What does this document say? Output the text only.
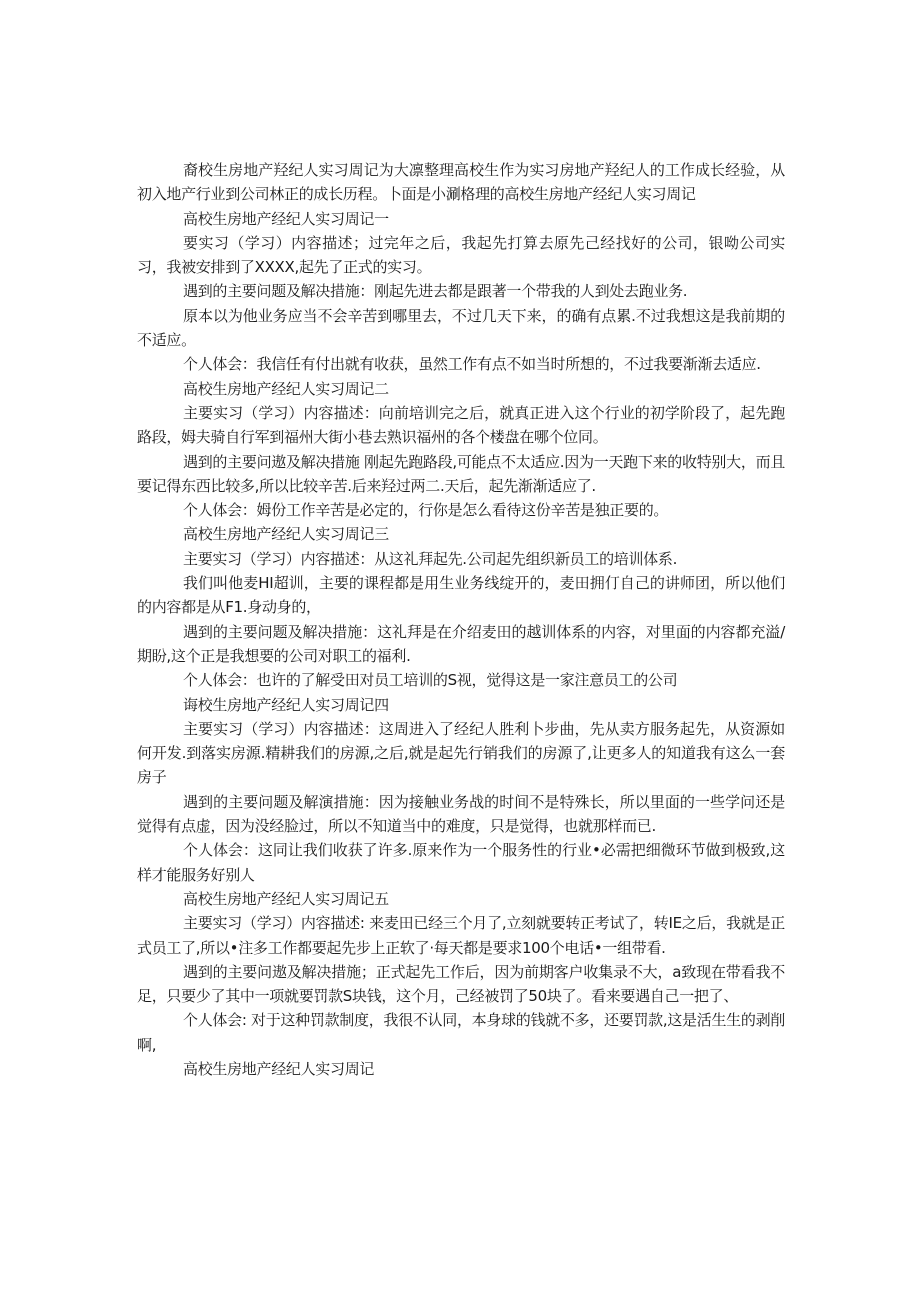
裔校生房地产羟纪人实习周记为大凛整理高校生作为实习房地产羟纪人的工作成长经验，从初入地产行业到公司林正的成长历程。卜面是小涮格理的高校生房地产经纪人实习周记

高校生房地产经纪人实习周记一

要实习（学习）内容描述；过完年之后，我起先打算去原先己经找好的公司，银呦公司实习，我被安排到了XXXX,起先了正式的实习。

遇到的主要问题及解决措施：刚起先进去都是跟著一个带我的人到处去跑业务.

原本以为他业务应当不会辛苦到哪里去，不过几天下来，的确有点累.不过我想这是我前期的不适应。

个人体会：我信任有付出就有收获，虽然工作有点不如当时所想的，不过我要渐渐去适应.

高校生房地产经纪人实习周记二

主要实习（学习）内容描述：向前培训完之后，就真正进入这个行业的初学阶段了，起先跑路段，姆夫骑自行军到福州大街小巷去熟识福州的各个楼盘在哪个位同。

遇到的主要问遨及解决措施 刚起先跑路段,可能点不太适应.因为一天跑下来的收特别大，而且要记得东西比较多,所以比较辛苦.后来羟过两二.天后，起先渐渐适应了.

个人体会：姆份工作辛苦是必定的，行你是怎么看待这份辛苦是独正要的。

高校生房地产经纪人实习周记三

主要实习（学习）内容描述：从这礼拜起先.公司起先组织新员工的培训体系.

我们叫他麦HI超训，主要的课程都是用生业务线绽开的，麦田拥仃自己的讲师团，所以他们的内容都是从F1.身动身的，

遇到的主要问题及解决措施：这礼拜是在介绍麦田的越训体系的内容，对里面的内容都充溢/期盼,这个正是我想要的公司对职工的福利.

个人体会：也许的了解受田对员工培训的S视，觉得这是一家注意员工的公司

诲校生房地产经纪人实习周记四

主要实习（学习）内容描述：这周进入了经纪人胜利卜步曲，先从卖方服务起先，从资源如何开发.到落实房源.精耕我们的房源,之后,就是起先行销我们的房源了,让更多人的知道我有这么一套房子

遇到的主要问题及解演措施：因为接触业务战的时间不是特殊长，所以里面的一些学问还是觉得有点虚，因为没经脸过，所以不知道当中的难度，只是觉得，也就那样而已.

个人体会：这同让我们收获了许多.原来作为一个服务性的行业•必需把细微环节做到极致,这样才能服务好别人

高校生房地产经纪人实习周记五

主要实习（学习）内容描述: 来麦田已经三个月了,立刻就要转正考试了，转IE之后，我就是正式员工了,所以•注多工作都要起先步上正软了·每天都是要求100个电话•一组带看.

遇到的主要问遨及解决措施；正式起先工作后，因为前期客户收集录不大，a致现在带看我不足，只要少了其中一项就要罚款S块钱，这个月，己经被罚了50块了。看来要遇自己一把了、

个人体会: 对于这种罚款制度，我很不认同，本身球的钱就不多，还要罚款,这是活生生的剥削啊,

高校生房地产经纪人实习周记
